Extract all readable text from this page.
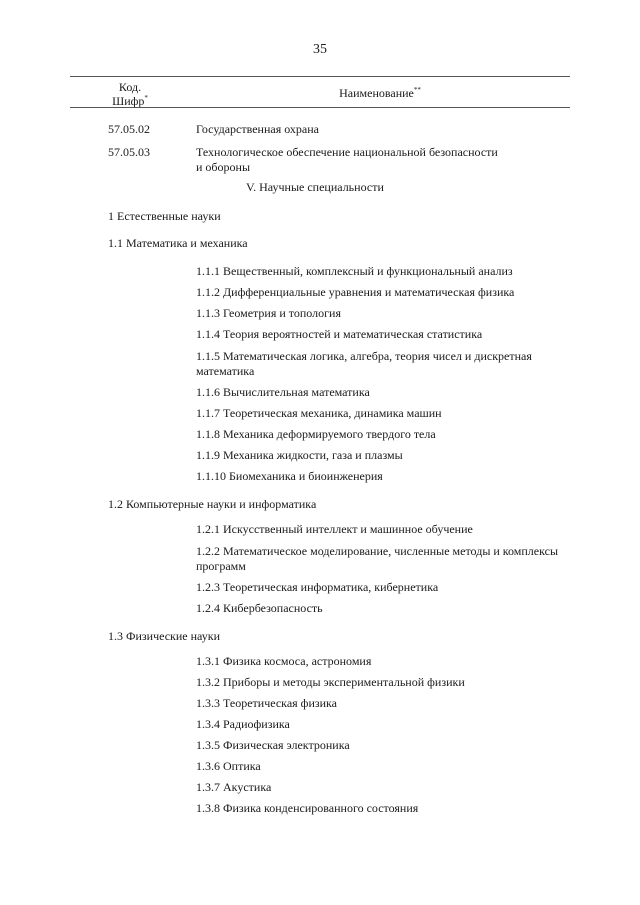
35
Код.
Шифр*	Наименование**
57.05.02	Государственная охрана
57.05.03	Технологическое обеспечение национальной безопасности
и обороны
V. Научные специальности
1 Естественные науки
1.1 Математика и механика
1.1.1 Вещественный, комплексный и функциональный анализ
1.1.2 Дифференциальные уравнения и математическая физика
1.1.3 Геометрия и топология
1.1.4 Теория вероятностей и математическая статистика
1.1.5 Математическая логика, алгебра, теория чисел и дискретная математика
1.1.6 Вычислительная математика
1.1.7 Теоретическая механика, динамика машин
1.1.8 Механика деформируемого твердого тела
1.1.9 Механика жидкости, газа и плазмы
1.1.10 Биомеханика и биоинженерия
1.2 Компьютерные науки и информатика
1.2.1 Искусственный интеллект и машинное обучение
1.2.2 Математическое моделирование, численные методы и комплексы программ
1.2.3 Теоретическая информатика, кибернетика
1.2.4 Кибербезопасность
1.3 Физические науки
1.3.1 Физика космоса, астрономия
1.3.2 Приборы и методы экспериментальной физики
1.3.3 Теоретическая физика
1.3.4 Радиофизика
1.3.5 Физическая электроника
1.3.6 Оптика
1.3.7 Акустика
1.3.8 Физика конденсированного состояния
